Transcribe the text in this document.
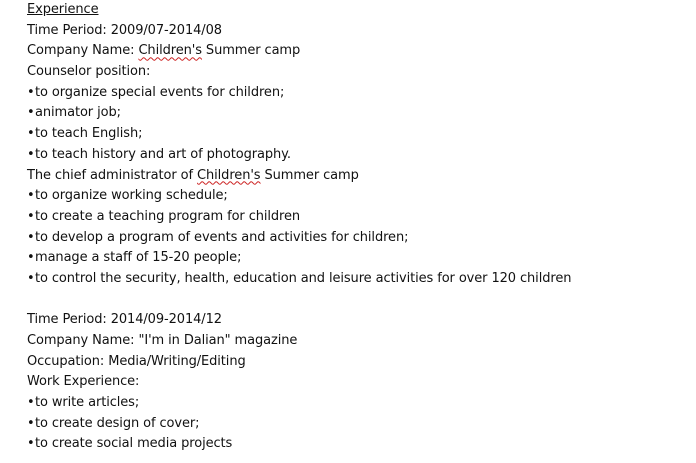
Experience
Time Period: 2009/07-2014/08
Company Name: Children's Summer camp
Counselor position:
• to organize special events for children;
• animator job;
• to teach English;
• to teach history and art of photography.
The chief administrator of Children's Summer camp
• to organize working schedule;
• to create a teaching program for children
• to develop a program of events and activities for children;
• manage a staff of 15-20 people;
• to control the security, health, education and leisure activities for over 120 children
Time Period: 2014/09-2014/12
Company Name: "I'm in Dalian" magazine
Occupation: Media/Writing/Editing
Work Experience:
• to write articles;
• to create design of cover;
• to create social media projects
